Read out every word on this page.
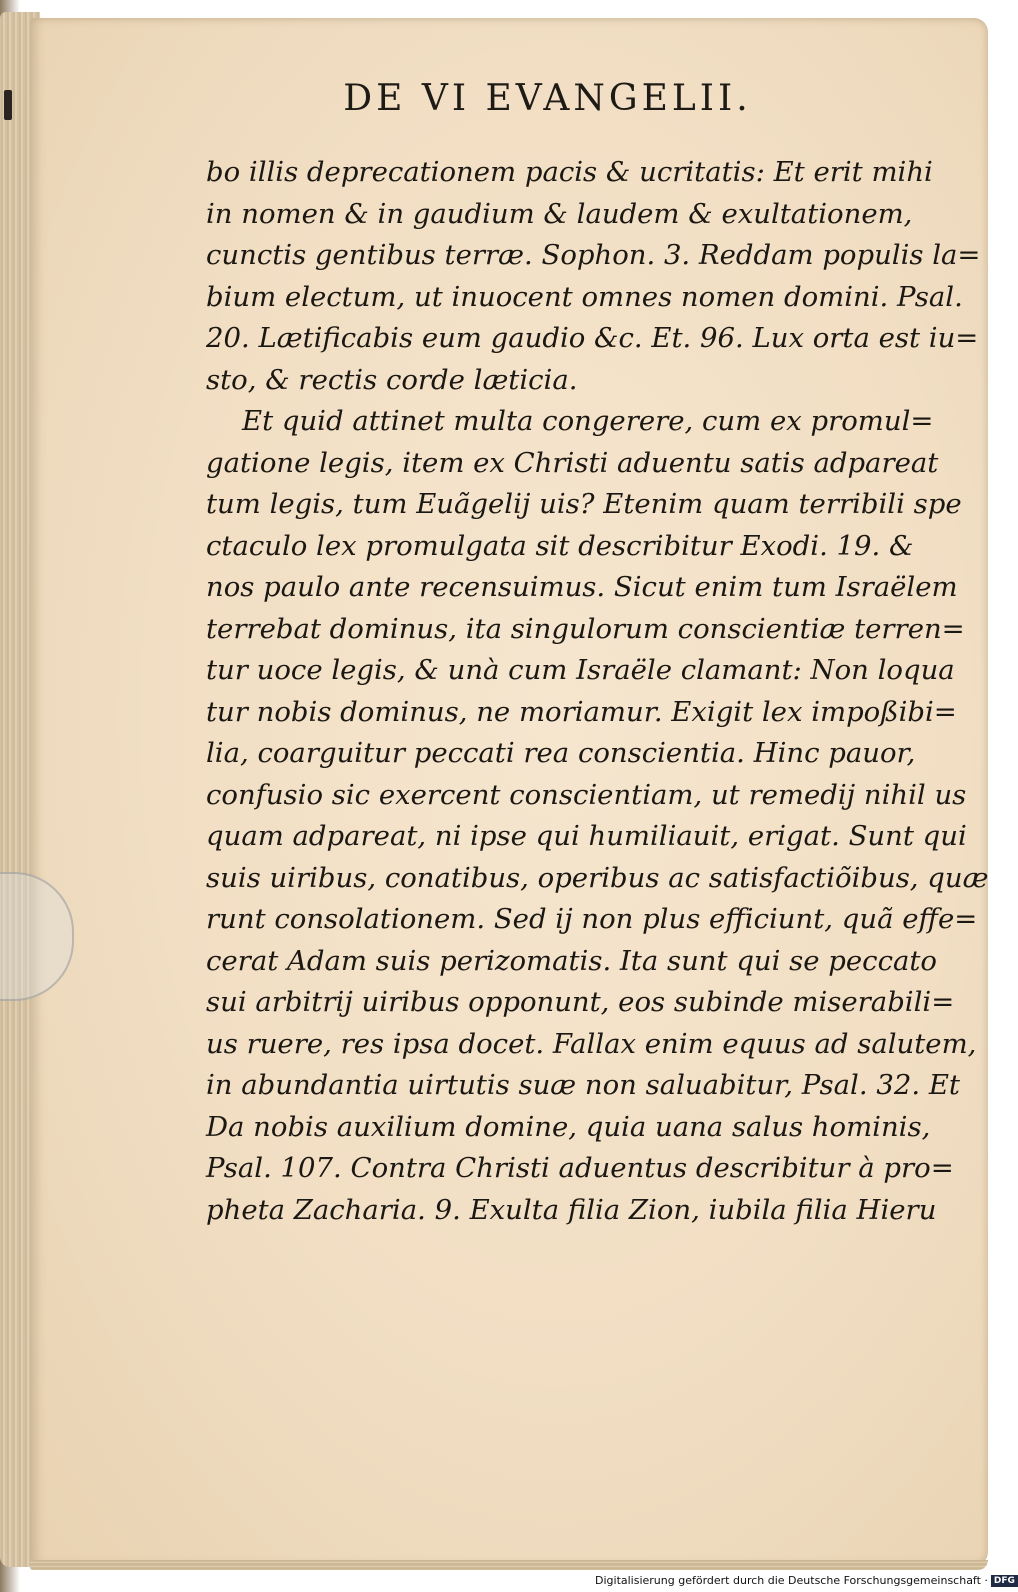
DE VI EVANGELII.
bo illis deprecationem pacis & ucritatis: Et erit mihi
in nomen & in gaudium & laudem & exultationem,
cunctis gentibus terræ. Sophon. 3. Reddam populis la=
bium electum, ut inuocent omnes nomen domini. Psal.
20. Lætificabis eum gaudio &c. Et. 96. Lux orta est iu=
sto, & rectis corde læticia.
Et quid attinet multa congerere, cum ex promul=
gatione legis, item ex Christi aduentu satis adpareat
tum legis, tum Euãgelij uis? Etenim quam terribili spe
ctaculo lex promulgata sit describitur Exodi. 19. &
nos paulo ante recensuimus. Sicut enim tum Israëlem
terrebat dominus, ita singulorum conscientiæ terren=
tur uoce legis, & unà cum Israële clamant: Non loqua
tur nobis dominus, ne moriamur. Exigit lex impoßibi=
lia, coarguitur peccati rea conscientia. Hinc pauor,
confusio sic exercent conscientiam, ut remedij nihil us
quam adpareat, ni ipse qui humiliauit, erigat. Sunt qui
suis uiribus, conatibus, operibus ac satisfactiõibus, quæ
runt consolationem. Sed ij non plus efficiunt, quã effe=
cerat Adam suis perizomatis. Ita sunt qui se peccato
sui arbitrij uiribus opponunt, eos subinde miserabili=
us ruere, res ipsa docet. Fallax enim equus ad salutem,
in abundantia uirtutis suæ non saluabitur, Psal. 32. Et
Da nobis auxilium domine, quia uana salus hominis,
Psal. 107. Contra Christi aduentus describitur à pro=
pheta Zacharia. 9. Exulta filia Zion, iubila filia Hieru
Digitalisierung gefördert durch die Deutsche Forschungsgemeinschaft · DFG
